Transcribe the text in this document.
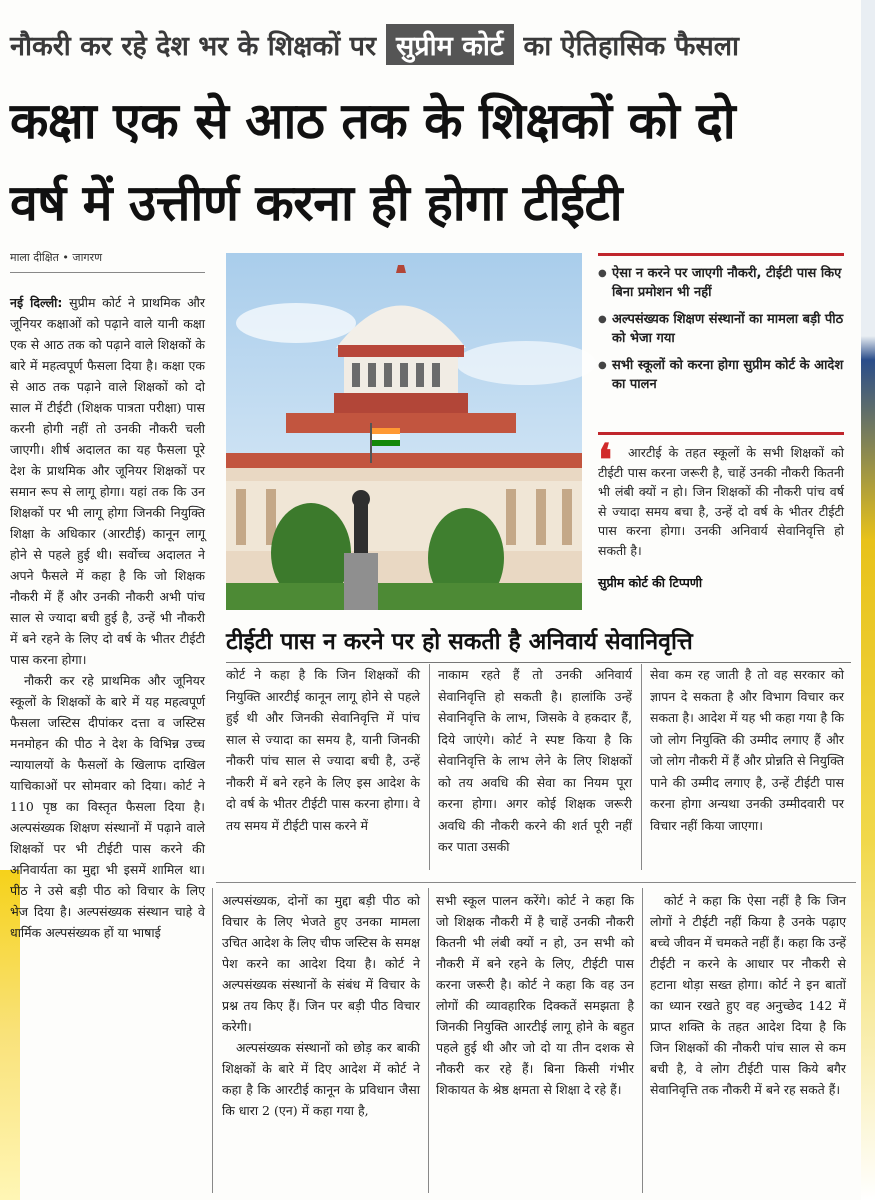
नौकरी कर रहे देश भर के शिक्षकों पर सुप्रीम कोर्ट का ऐतिहासिक फैसला
कक्षा एक से आठ तक के शिक्षकों को दो
वर्ष में उत्तीर्ण करना ही होगा टीईटी
माला दीक्षित • जागरण

नई दिल्ली: सुप्रीम कोर्ट ने प्राथमिक और जूनियर कक्षाओं को पढ़ाने वाले यानी कक्षा एक से आठ तक को पढ़ाने वाले शिक्षकों के बारे में महत्वपूर्ण फैसला दिया है। कक्षा एक से आठ तक पढ़ाने वाले शिक्षकों को दो साल में टीईटी (शिक्षक पात्रता परीक्षा) पास करनी होगी नहीं तो उनकी नौकरी चली जाएगी। शीर्ष अदालत का यह फैसला पूरे देश के प्राथमिक और जूनियर शिक्षकों पर समान रूप से लागू होगा। यहां तक कि उन शिक्षकों पर भी लागू होगा जिनकी नियुक्ति शिक्षा के अधिकार (आरटीई) कानून लागू होने से पहले हुई थी। सर्वोच्च अदालत ने अपने फैसले में कहा है कि जो शिक्षक नौकरी में हैं और उनकी नौकरी अभी पांच साल से ज्यादा बची हुई है, उन्हें भी नौकरी में बने रहने के लिए दो वर्ष के भीतर टीईटी पास करना होगा।

नौकरी कर रहे प्राथमिक और जूनियर स्कूलों के शिक्षकों के बारे में यह महत्वपूर्ण फैसला जस्टिस दीपांकर दत्ता व जस्टिस मनमोहन की पीठ ने देश के विभिन्न उच्च न्यायालयों के फैसलों के खिलाफ दाखिल याचिकाओं पर सोमवार को दिया। कोर्ट ने 110 पृष्ठ का विस्तृत फैसला दिया है। अल्पसंख्यक शिक्षण संस्थानों में पढ़ाने वाले शिक्षकों पर भी टीईटी पास करने की अनिवार्यता का मुद्दा भी इसमें शामिल था। पीठ ने उसे बड़ी पीठ को विचार के लिए भेज दिया है। अल्पसंख्यक संस्थान चाहे वे धार्मिक अल्पसंख्यक हों या भाषाई

● ऐसा न करने पर जाएगी नौकरी, टीईटी पास किए बिना प्रमोशन भी नहीं
● अल्पसंख्यक शिक्षण संस्थानों का मामला बड़ी पीठ को भेजा गया
● सभी स्कूलों को करना होगा सुप्रीम कोर्ट के आदेश का पालन
❛	आरटीई के तहत स्कूलों के सभी शिक्षकों को टीईटी पास करना जरूरी है, चाहें उनकी नौकरी कितनी भी लंबी क्यों न हो। जिन शिक्षकों की नौकरी पांच वर्ष से ज्यादा समय बचा है, उन्हें दो वर्ष के भीतर टीईटी पास करना होगा। उनकी अनिवार्य सेवानिवृत्ति हो सकती है।
सुप्रीम कोर्ट की टिप्पणी
टीईटी पास न करने पर हो सकती है अनिवार्य सेवानिवृत्ति
कोर्ट ने कहा है कि जिन शिक्षकों की नियुक्ति आरटीई कानून लागू होने से पहले हुई थी और जिनकी सेवानिवृत्ति में पांच साल से ज्यादा का समय है, यानी जिनकी नौकरी पांच साल से ज्यादा बची है, उन्हें नौकरी में बने रहने के लिए इस आदेश के दो वर्ष के भीतर टीईटी पास करना होगा। वे तय समय में टीईटी पास करने में
नाकाम रहते हैं तो उनकी अनिवार्य सेवानिवृत्ति हो सकती है। हालांकि उन्हें सेवानिवृत्ति के लाभ, जिसके वे हकदार हैं, दिये जाएंगे। कोर्ट ने स्पष्ट किया है कि सेवानिवृत्ति के लाभ लेने के लिए शिक्षकों को तय अवधि की सेवा का नियम पूरा करना होगा। अगर कोई शिक्षक जरूरी अवधि की नौकरी करने की शर्त पूरी नहीं कर पाता उसकी
सेवा कम रह जाती है तो वह सरकार को ज्ञापन दे सकता है और विभाग विचार कर सकता है। आदेश में यह भी कहा गया है कि जो लोग नियुक्ति की उम्मीद लगाए हैं और जो लोग नौकरी में हैं और प्रोन्नति से नियुक्ति पाने की उम्मीद लगाए है, उन्हें टीईटी पास करना होगा अन्यथा उनकी उम्मीदवारी पर विचार नहीं किया जाएगा।

अल्पसंख्यक, दोनों का मुद्दा बड़ी पीठ को विचार के लिए भेजते हुए उनका मामला उचित आदेश के लिए चीफ जस्टिस के समक्ष पेश करने का आदेश दिया है। कोर्ट ने अल्पसंख्यक संस्थानों के संबंध में विचार के प्रश्न तय किए हैं। जिन पर बड़ी पीठ विचार करेगी।

अल्पसंख्यक संस्थानों को छोड़ कर बाकी शिक्षकों के बारे में दिए आदेश में कोर्ट ने कहा है कि आरटीई कानून के प्रविधान जैसा कि धारा 2 (एन) में कहा गया है,

सभी स्कूल पालन करेंगे। कोर्ट ने कहा कि जो शिक्षक नौकरी में है चाहें उनकी नौकरी कितनी भी लंबी क्यों न हो, उन सभी को नौकरी में बने रहने के लिए, टीईटी पास करना जरूरी है। कोर्ट ने कहा कि वह उन लोगों की व्यावहारिक दिक्कतें समझता है जिनकी नियुक्ति आरटीई लागू होने के बहुत पहले हुई थी और जो दो या तीन दशक से नौकरी कर रहे हैं। बिना किसी गंभीर शिकायत के श्रेष्ठ क्षमता से शिक्षा दे रहे हैं।

कोर्ट ने कहा कि ऐसा नहीं है कि जिन लोगों ने टीईटी नहीं किया है उनके पढ़ाए बच्चे जीवन में चमकते नहीं हैं। कहा कि उन्हें टीईटी न करने के आधार पर नौकरी से हटाना थोड़ा सख्त होगा। कोर्ट ने इन बातों का ध्यान रखते हुए वह अनुच्छेद 142 में प्राप्त शक्ति के तहत आदेश दिया है कि जिन शिक्षकों की नौकरी पांच साल से कम बची है, वे लोग टीईटी पास किये बगैर सेवानिवृत्ति तक नौकरी में बने रह सकते हैं।
